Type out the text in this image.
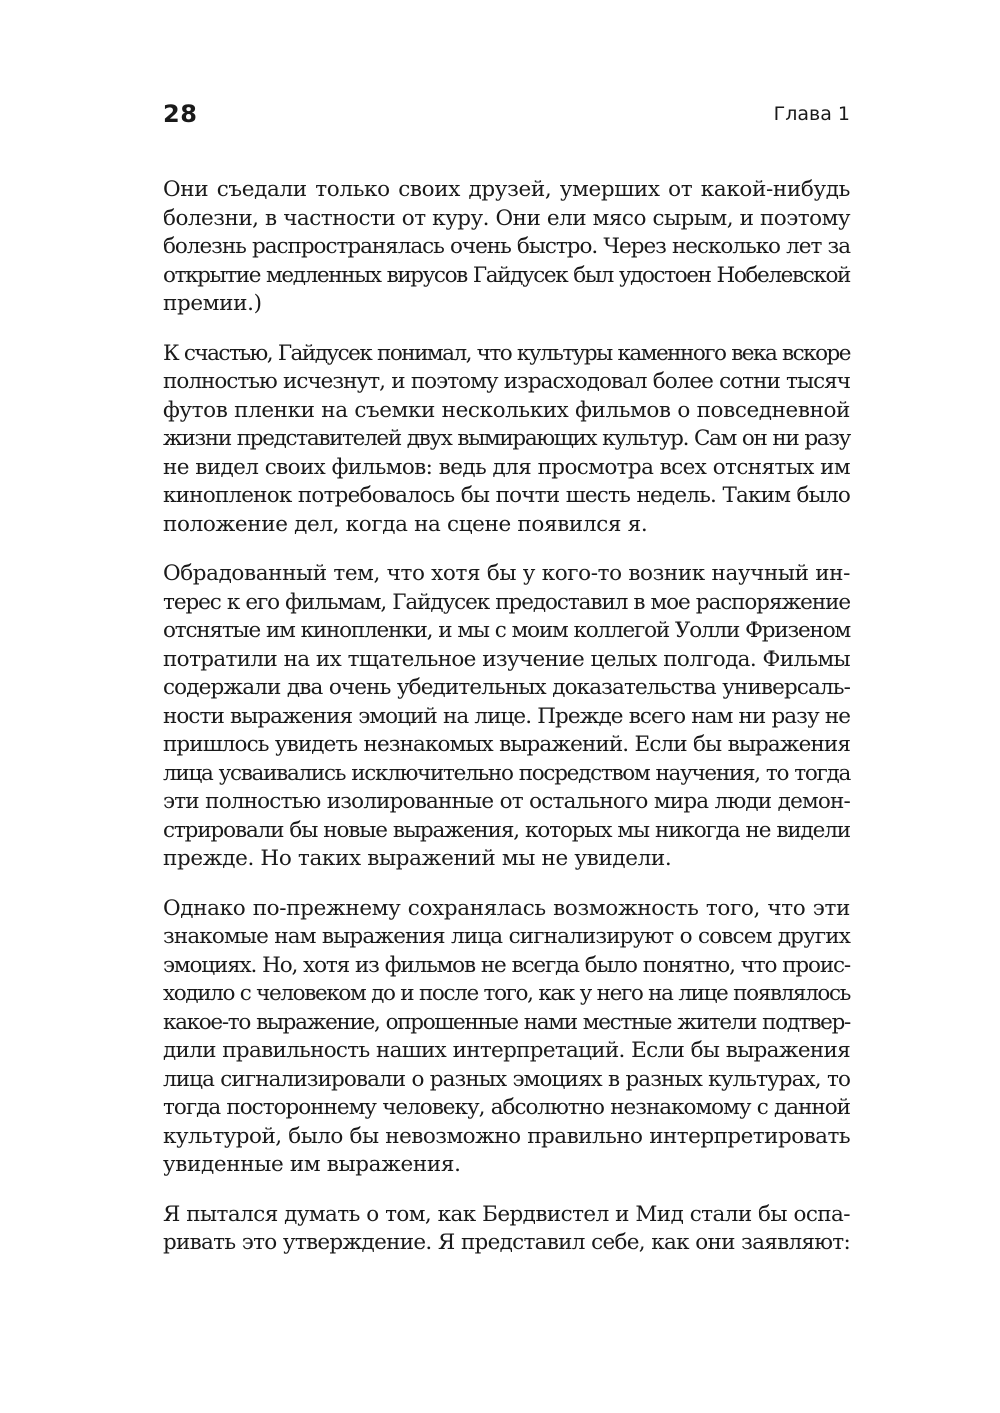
28	Глава 1
Они съедали только своих друзей, умерших от какой-нибудь
болезни, в частности от куру. Они ели мясо сырым, и поэтому
болезнь распространялась очень быстро. Через несколько лет за
открытие медленных вирусов Гайдусек был удостоен Нобелевской
премии.)
К счастью, Гайдусек понимал, что культуры каменного века вскоре
полностью исчезнут, и поэтому израсходовал более сотни тысяч
футов пленки на съемки нескольких фильмов о повседневной
жизни представителей двух вымирающих культур. Сам он ни разу
не видел своих фильмов: ведь для просмотра всех отснятых им
кинопленок потребовалось бы почти шесть недель. Таким было
положение дел, когда на сцене появился я.
Обрадованный тем, что хотя бы у кого-то возник научный ин-
терес к его фильмам, Гайдусек предоставил в мое распоряжение
отснятые им кинопленки, и мы с моим коллегой Уолли Фризеном
потратили на их тщательное изучение целых полгода. Фильмы
содержали два очень убедительных доказательства универсаль-
ности выражения эмоций на лице. Прежде всего нам ни разу не
пришлось увидеть незнакомых выражений. Если бы выражения
лица усваивались исключительно посредством научения, то тогда
эти полностью изолированные от остального мира люди демон-
стрировали бы новые выражения, которых мы никогда не видели
прежде. Но таких выражений мы не увидели.
Однако по-прежнему сохранялась возможность того, что эти
знакомые нам выражения лица сигнализируют о совсем других
эмоциях. Но, хотя из фильмов не всегда было понятно, что проис-
ходило с человеком до и после того, как у него на лице появлялось
какое-то выражение, опрошенные нами местные жители подтвер-
дили правильность наших интерпретаций. Если бы выражения
лица сигнализировали о разных эмоциях в разных культурах, то
тогда постороннему человеку, абсолютно незнакомому с данной
культурой, было бы невозможно правильно интерпретировать
увиденные им выражения.
Я пытался думать о том, как Бердвистел и Мид стали бы оспа-
ривать это утверждение. Я представил себе, как они заявляют:
